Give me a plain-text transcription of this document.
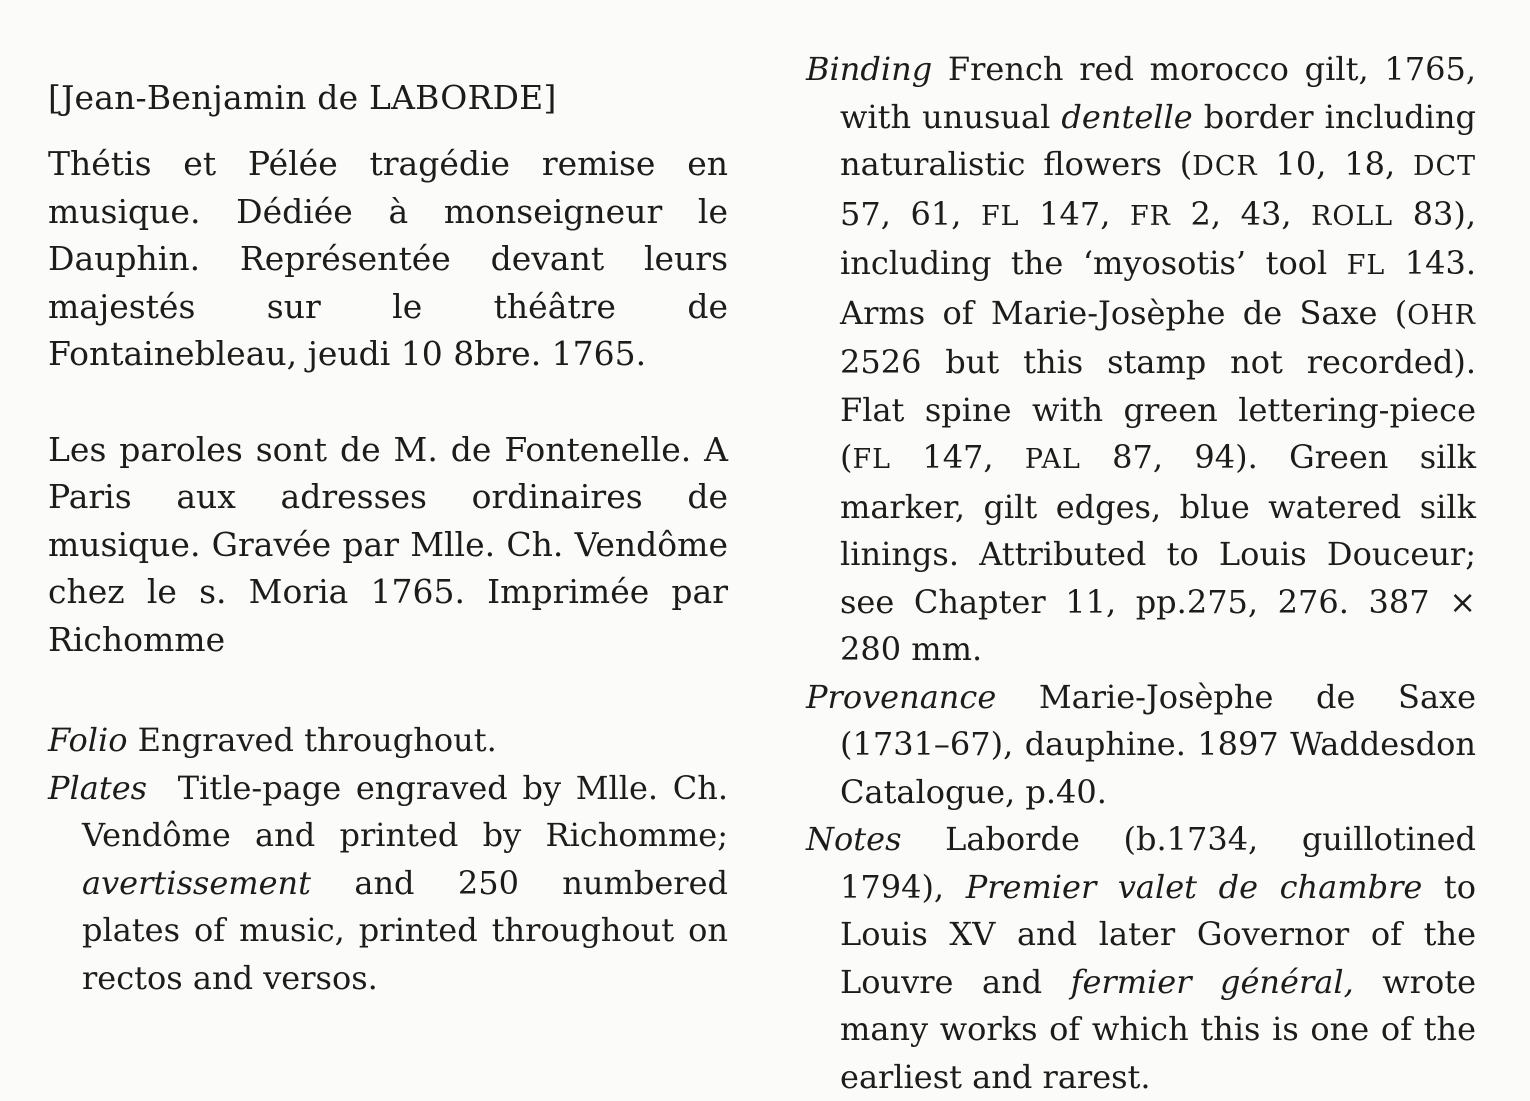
[Jean-Benjamin de LABORDE]

Thétis et Pélée tragédie remise en musique. Dédiée à monseigneur le Dauphin. Représentée devant leurs majestés sur le théâtre de Fontainebleau, jeudi 10 8bre. 1765.

Les paroles sont de M. de Fontenelle. A Paris aux adresses ordinaires de musique. Gravée par Mlle. Ch. Vendôme chez le s. Moria 1765. Imprimée par Richomme

Folio Engraved throughout.

Plates Title-page engraved by Mlle. Ch. Vendôme and printed by Richomme; avertissement and 250 numbered plates of music, printed throughout on rectos and versos.

Binding French red morocco gilt, 1765, with unusual dentelle border including naturalistic flowers (DCR 10, 18, DCT 57, 61, FL 147, FR 2, 43, ROLL 83), including the ‘myosotis’ tool FL 143. Arms of Marie-Josèphe de Saxe (OHR 2526 but this stamp not recorded). Flat spine with green lettering-piece (FL 147, PAL 87, 94). Green silk marker, gilt edges, blue watered silk linings. Attributed to Louis Douceur; see Chapter 11, pp.275, 276. 387 × 280 mm.

Provenance Marie-Josèphe de Saxe (1731–67), dauphine. 1897 Waddesdon Catalogue, p.40.

Notes Laborde (b.1734, guillotined 1794), Premier valet de chambre to Louis XV and later Governor of the Louvre and fermier général, wrote many works of which this is one of the earliest and rarest.
